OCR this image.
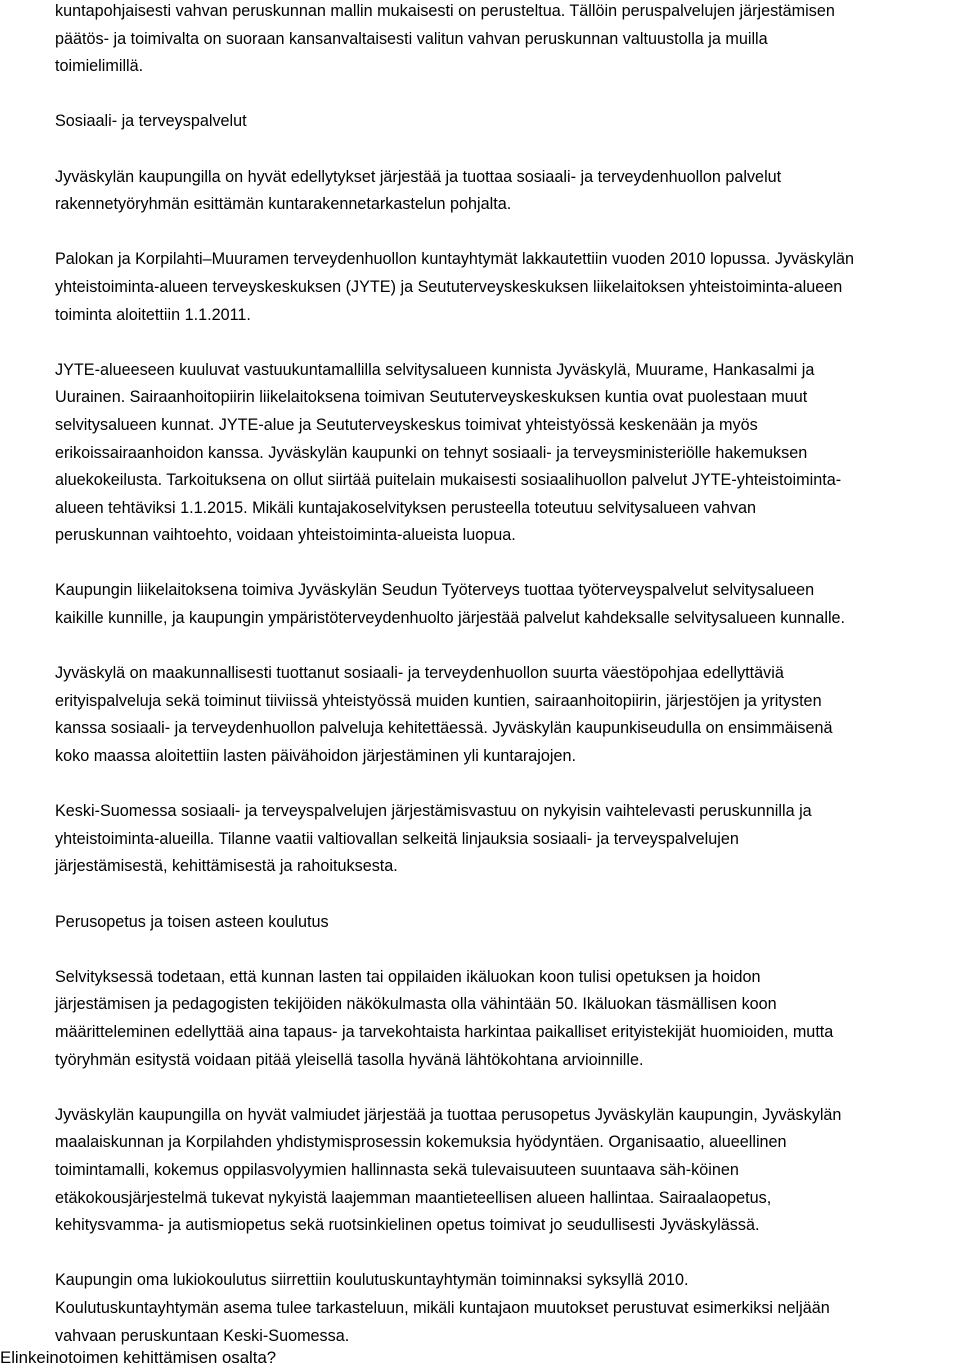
kuntapohjaisesti vahvan peruskunnan mallin mukaisesti on perusteltua. Tällöin peruspalvelujen järjestämisen
päätös- ja toimivalta on suoraan kansanvaltaisesti valitun vahvan peruskunnan valtuustolla ja muilla
toimielimillä.
Sosiaali- ja terveyspalvelut
Jyväskylän kaupungilla on hyvät edellytykset järjestää ja tuottaa sosiaali- ja terveydenhuollon palvelut
rakennetyöryhmän esittämän kuntarakennetarkastelun pohjalta.
Palokan ja Korpilahti–Muuramen terveydenhuollon kuntayhtymät lakkautettiin vuoden 2010 lopussa. Jyväskylän
yhteistoiminta-alueen terveyskeskuksen (JYTE) ja Seututerveyskeskuksen liikelaitoksen yhteistoiminta-alueen
toiminta aloitettiin 1.1.2011.
JYTE-alueeseen kuuluvat vastuukuntamallilla selvitysalueen kunnista Jyväskylä, Muurame, Hankasalmi ja
Uurainen. Sairaanhoitopiirin liikelaitoksena toimivan Seututerveyskeskuksen kuntia ovat puolestaan muut
selvitysalueen kunnat. JYTE-alue ja Seututerveyskeskus toimivat yhteistyössä keskenään ja myös
erikoissairaanhoidon kanssa. Jyväskylän kaupunki on tehnyt sosiaali- ja terveysministeriölle hakemuksen
aluekokeilusta. Tarkoituksena on ollut siirtää puitelain mukaisesti sosiaalihuollon palvelut JYTE-yhteistoiminta-
alueen tehtäviksi 1.1.2015. Mikäli kuntajakoselvityksen perusteella toteutuu selvitysalueen vahvan
peruskunnan vaihtoehto, voidaan yhteistoiminta-alueista luopua.
Kaupungin liikelaitoksena toimiva Jyväskylän Seudun Työterveys tuottaa työterveyspalvelut selvitysalueen
kaikille kunnille, ja kaupungin ympäristöterveydenhuolto järjestää palvelut kahdeksalle selvitysalueen kunnalle.
Jyväskylä on maakunnallisesti tuottanut sosiaali- ja terveydenhuollon suurta väestöpohjaa edellyttäviä
erityispalveluja sekä toiminut tiiviissä yhteistyössä muiden kuntien, sairaanhoitopiirin, järjestöjen ja yritysten
kanssa sosiaali- ja terveydenhuollon palveluja kehitettäessä. Jyväskylän kaupunkiseudulla on ensimmäisenä
koko maassa aloitettiin lasten päivähoidon järjestäminen yli kuntarajojen.
Keski-Suomessa sosiaali- ja terveyspalvelujen järjestämisvastuu on nykyisin vaihtelevasti peruskunnilla ja
yhteistoiminta-alueilla. Tilanne vaatii valtiovallan selkeitä linjauksia sosiaali- ja terveyspalvelujen
järjestämisestä, kehittämisestä ja rahoituksesta.
Perusopetus ja toisen asteen koulutus
Selvityksessä todetaan, että kunnan lasten tai oppilaiden ikäluokan koon tulisi opetuksen ja hoidon
järjestämisen ja pedagogisten tekijöiden näkökulmasta olla vähintään 50. Ikäluokan täsmällisen koon
määritteleminen edellyttää aina tapaus- ja tarvekohtaista harkintaa paikalliset erityistekijät huomioiden, mutta
työryhmän esitystä voidaan pitää yleisellä tasolla hyvänä lähtökohtana arvioinnille.
Jyväskylän kaupungilla on hyvät valmiudet järjestää ja tuottaa perusopetus Jyväskylän kaupungin, Jyväskylän
maalaiskunnan ja Korpilahden yhdistymisprosessin kokemuksia hyödyntäen. Organisaatio, alueellinen
toimintamalli, kokemus oppilasvolyymien hallinnasta sekä tulevaisuuteen suuntaava säh-köinen
etäkokousjärjestelmä tukevat nykyistä laajemman maantieteellisen alueen hallintaa. Sairaalaopetus,
kehitysvamma- ja autismiopetus sekä ruotsinkielinen opetus toimivat jo seudullisesti Jyväskylässä.
Kaupungin oma lukiokoulutus siirrettiin koulutuskuntayhtymän toiminnaksi syksyllä 2010.
Koulutuskuntayhtymän asema tulee tarkasteluun, mikäli kuntajaon muutokset perustuvat esimerkiksi neljään
vahvaan peruskuntaan Keski-Suomessa.
Elinkeinotoimen kehittämisen osalta?
